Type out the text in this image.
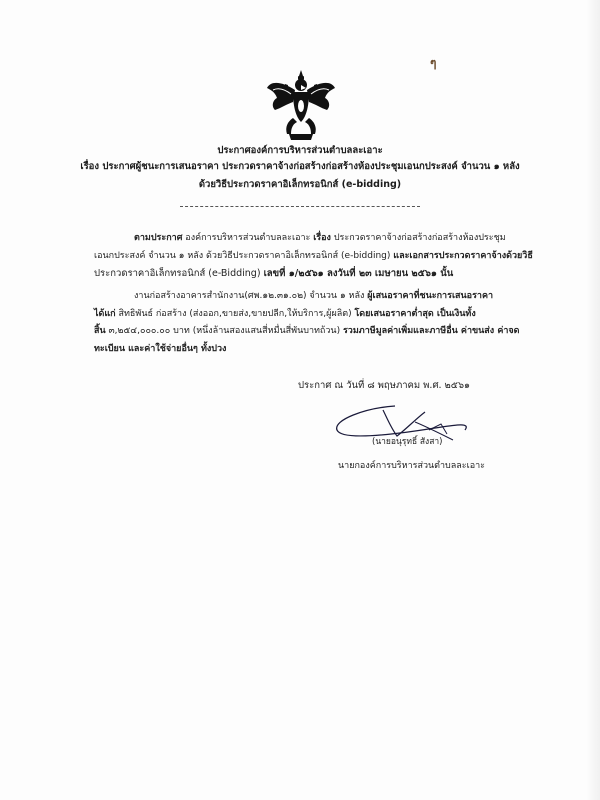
ๆ
ประกาศองค์การบริหารส่วนตำบลละเอาะ
เรื่อง ประกาศผู้ชนะการเสนอราคา ประกวดราคาจ้างก่อสร้างก่อสร้างห้องประชุมเอนกประสงค์ จำนวน ๑ หลัง
ด้วยวิธีประกวดราคาอิเล็กทรอนิกส์ (e-bidding)
ตามประกาศ องค์การบริหารส่วนตำบลละเอาะ เรื่อง ประกวดราคาจ้างก่อสร้างก่อสร้างห้องประชุม
เอนกประสงค์ จำนวน ๑ หลัง ด้วยวิธีประกวดราคาอิเล็กทรอนิกส์ (e-bidding) และเอกสารประกวดราคาจ้างด้วยวิธี
ประกวดราคาอิเล็กทรอนิกส์ (e-Bidding) เลขที่ ๑/๒๕๖๑ ลงวันที่ ๒๓ เมษายน ๒๕๖๑ นั้น
งานก่อสร้างอาคารสำนักงาน(ศพ.๑๒.๓๑.๐๒) จำนวน ๑ หลัง ผู้เสนอราคาที่ชนะการเสนอราคา
ได้แก่ สิทธิพันธ์ ก่อสร้าง (ส่งออก,ขายส่ง,ขายปลีก,ให้บริการ,ผู้ผลิต) โดยเสนอราคาต่ำสุด เป็นเงินทั้ง
สิ้น ๓,๒๕๔,๐๐๐.๐๐ บาท (หนึ่งล้านสองแสนสี่หมื่นสี่พันบาทถ้วน) รวมภาษีมูลค่าเพิ่มและภาษีอื่น ค่าขนส่ง ค่าจด
ทะเบียน และค่าใช้จ่ายอื่นๆ ทั้งปวง
ประกาศ ณ วันที่ ๘ พฤษภาคม พ.ศ. ๒๕๖๑
(นายอนุรุทธิ์ สังสา)
นายกองค์การบริหารส่วนตำบลละเอาะ
